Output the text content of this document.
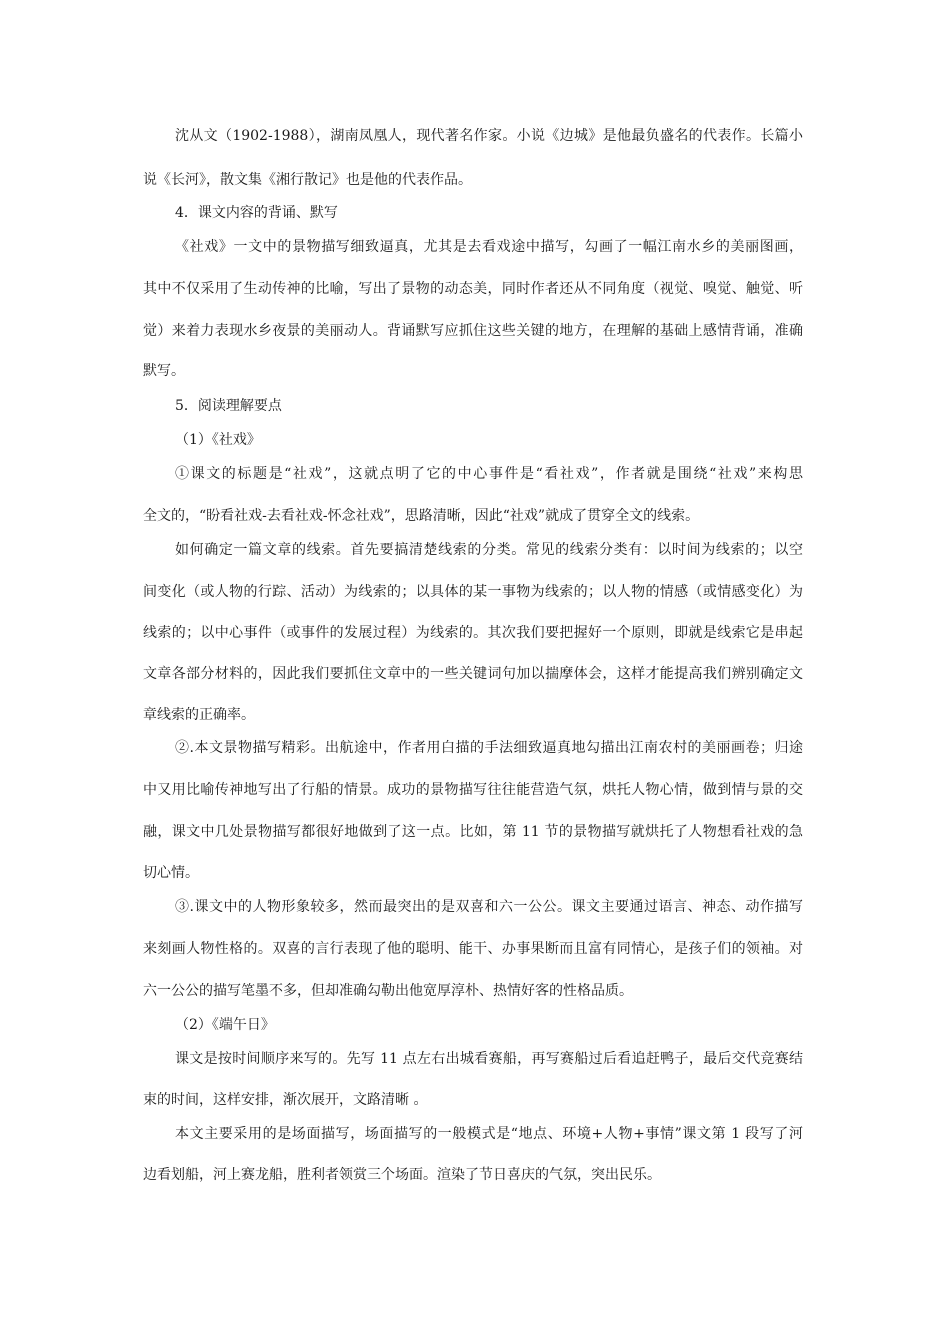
沈从文（1902-1988），湖南凤凰人，现代著名作家。小说《边城》是他最负盛名的代表作。长篇小
说《长河》，散文集《湘行散记》也是他的代表作品。
4．课文内容的背诵、默写
《社戏》一文中的景物描写细致逼真，尤其是去看戏途中描写，勾画了一幅江南水乡的美丽图画，
其中不仅采用了生动传神的比喻，写出了景物的动态美，同时作者还从不同角度（视觉、嗅觉、触觉、听
觉）来着力表现水乡夜景的美丽动人。背诵默写应抓住这些关键的地方，在理解的基础上感情背诵，准确
默写。
5．阅读理解要点
（1）《社戏》
①课文的标题是“社戏”，这就点明了它的中心事件是“看社戏”，作者就是围绕“社戏”来构思
全文的，“盼看社戏-去看社戏-怀念社戏”，思路清晰，因此“社戏”就成了贯穿全文的线索。
如何确定一篇文章的线索。首先要搞清楚线索的分类。常见的线索分类有：以时间为线索的；以空
间变化（或人物的行踪、活动）为线索的；以具体的某一事物为线索的；以人物的情感（或情感变化）为
线索的；以中心事件（或事件的发展过程）为线索的。其次我们要把握好一个原则，即就是线索它是串起
文章各部分材料的，因此我们要抓住文章中的一些关键词句加以揣摩体会，这样才能提高我们辨别确定文
章线索的正确率。
②.本文景物描写精彩。出航途中，作者用白描的手法细致逼真地勾描出江南农村的美丽画卷；归途
中又用比喻传神地写出了行船的情景。成功的景物描写往往能营造气氛，烘托人物心情，做到情与景的交
融，课文中几处景物描写都很好地做到了这一点。比如，第 11 节的景物描写就烘托了人物想看社戏的急
切心情。
③.课文中的人物形象较多，然而最突出的是双喜和六一公公。课文主要通过语言、神态、动作描写
来刻画人物性格的。双喜的言行表现了他的聪明、能干、办事果断而且富有同情心，是孩子们的领袖。对
六一公公的描写笔墨不多，但却准确勾勒出他宽厚淳朴、热情好客的性格品质。
（2）《端午日》
课文是按时间顺序来写的。先写 11 点左右出城看赛船，再写赛船过后看追赶鸭子，最后交代竞赛结
束的时间，这样安排，渐次展开，文路清晰 。
本文主要采用的是场面描写，场面描写的一般模式是“地点、环境+人物+事情”课文第 1 段写了河
边看划船，河上赛龙船，胜利者领赏三个场面。渲染了节日喜庆的气氛，突出民乐。
